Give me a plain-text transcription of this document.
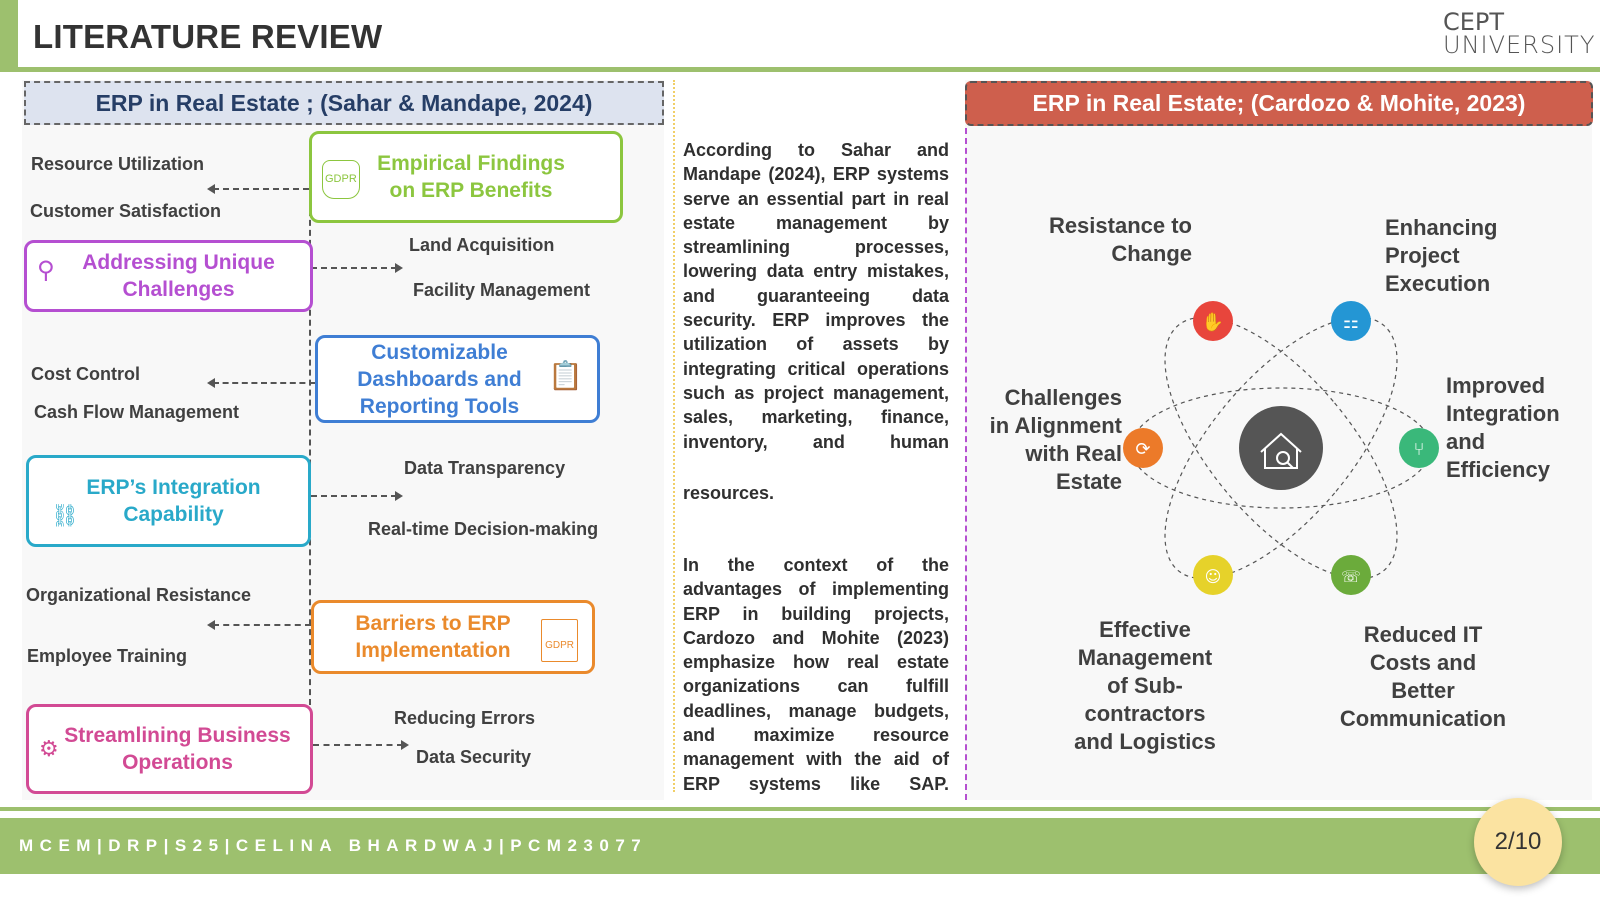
LITERATURE REVIEW	CEPT
UNIVERSITY
ERP in Real Estate ; (Sahar & Mandape, 2024)
GDPR
Empirical Findings on ERP Benefits
⚲	Addressing Unique Challenges
Customizable Dashboards and Reporting Tools
📋
⛓
ERP’s Integration Capability
Barriers to ERP Implementation	GDPR
⚙
Streamlining Business Operations
Resource Utilization
Customer Satisfaction
Land Acquisition
Facility Management
Cost Control
Cash Flow Management
Data Transparency
Real-time Decision-making
Organizational Resistance
Employee Training
Reducing Errors
Data Security
According to Sahar and Mandape (2024), ERP systems serve an essential part in real estate management by streamlining processes, lowering data entry mistakes, and guaranteeing data security. ERP improves the utilization of assets by integrating critical operations such as project management, sales, marketing, finance, inventory, and human
resources.
In the context of the advantages of implementing ERP in building projects, Cardozo and Mohite (2023) emphasize how real estate organizations can fulfill deadlines, manage budgets, and maximize resource management with the aid of ERP systems like SAP.
ERP in Real Estate; (Cardozo & Mohite, 2023)
✋	⚏
⟳	⑂
☺	☏
Resistance to Change
Enhancing Project Execution
Challenges in Alignment with Real Estate
Improved Integration and Efficiency
Effective Management of Sub-contractors and Logistics
Reduced IT Costs and Better Communication
MCEM|DRP|S25|CELINA BHARDWAJ|PCM23077	2/10
